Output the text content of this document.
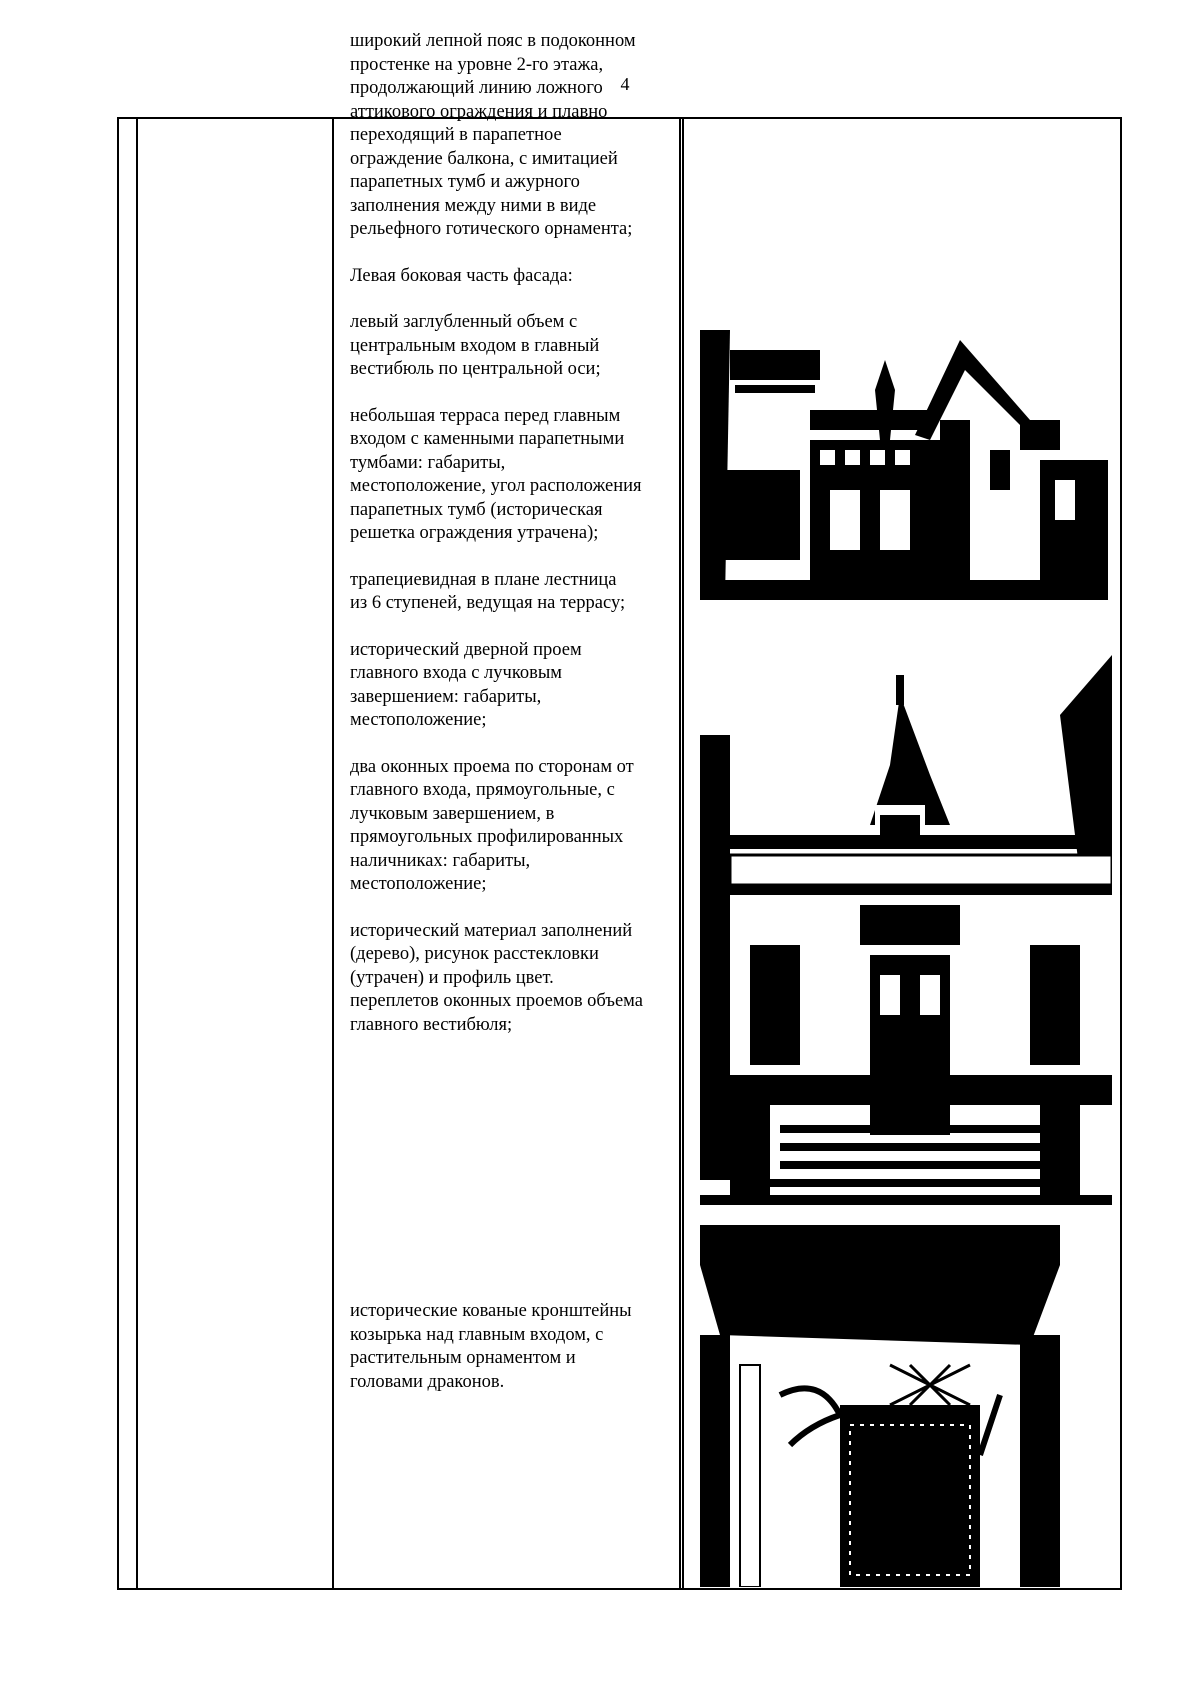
4

широкий лепной пояс в подоконном
простенке на уровне 2-го этажа,
продолжающий линию ложного
аттикового ограждения и плавно
переходящий в парапетное
ограждение балкона, с имитацией
парапетных тумб и ажурного
заполнения между ними в виде
рельефного готического орнамента;

Левая боковая часть фасада:

левый заглубленный объем с
центральным входом в главный
вестибюль по центральной оси;

небольшая терраса перед главным
входом с каменными парапетными
тумбами: габариты,
местоположение, угол расположения
парапетных тумб (историческая
решетка ограждения утрачена);

трапециевидная в плане лестница
из 6 ступеней, ведущая на террасу;

исторический дверной проем
главного входа с лучковым
завершением: габариты,
местоположение;

два оконных проема по сторонам от
главного входа, прямоугольные, с
лучковым завершением, в
прямоугольных профилированных
наличниках: габариты,
местоположение;

исторический материал заполнений
(дерево), рисунок расстекловки
(утрачен) и профиль цвет.
переплетов оконных проемов объема
главного вестибюля;

исторические кованые кронштейны
козырька над главным входом, с
растительным орнаментом и
головами драконов.
